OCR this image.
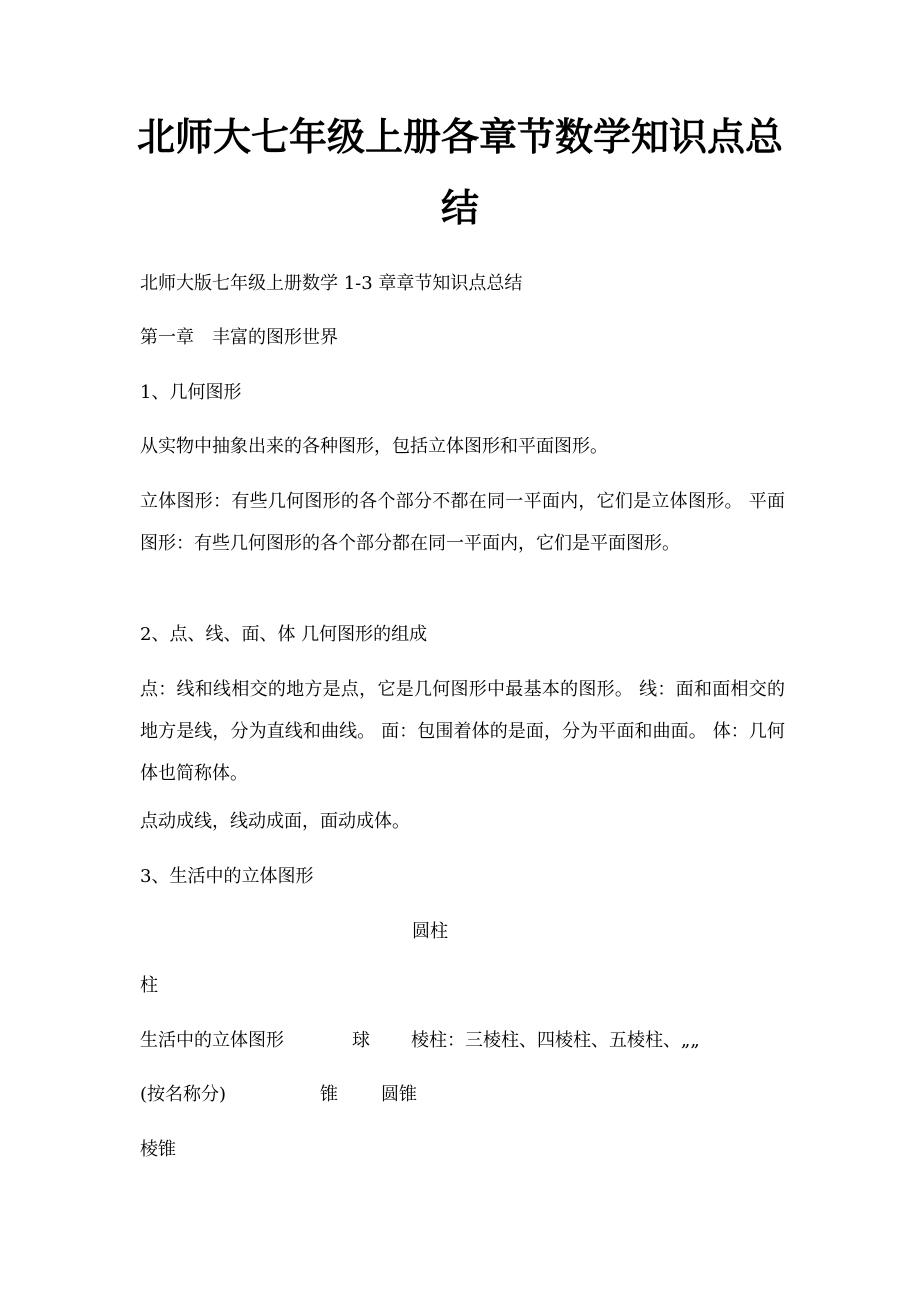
北师大七年级上册各章节数学知识点总
结

北师大版七年级上册数学 1-3 章章节知识点总结

第一章　丰富的图形世界

1、几何图形

从实物中抽象出来的各种图形，包括立体图形和平面图形。

立体图形：有些几何图形的各个部分不都在同一平面内，它们是立体图形。 平面图形：有些几何图形的各个部分都在同一平面内，它们是平面图形。

2、点、线、面、体 几何图形的组成

点：线和线相交的地方是点，它是几何图形中最基本的图形。 线：面和面相交的地方是线，分为直线和曲线。 面：包围着体的是面，分为平面和曲面。 体：几何体也简称体。

点动成线，线动成面，面动成体。

3、生活中的立体图形

圆柱
柱
生活中的立体图形	球 棱柱：三棱柱、四棱柱、五棱柱、„„
(按名称分)	锥 圆锥
棱锥
